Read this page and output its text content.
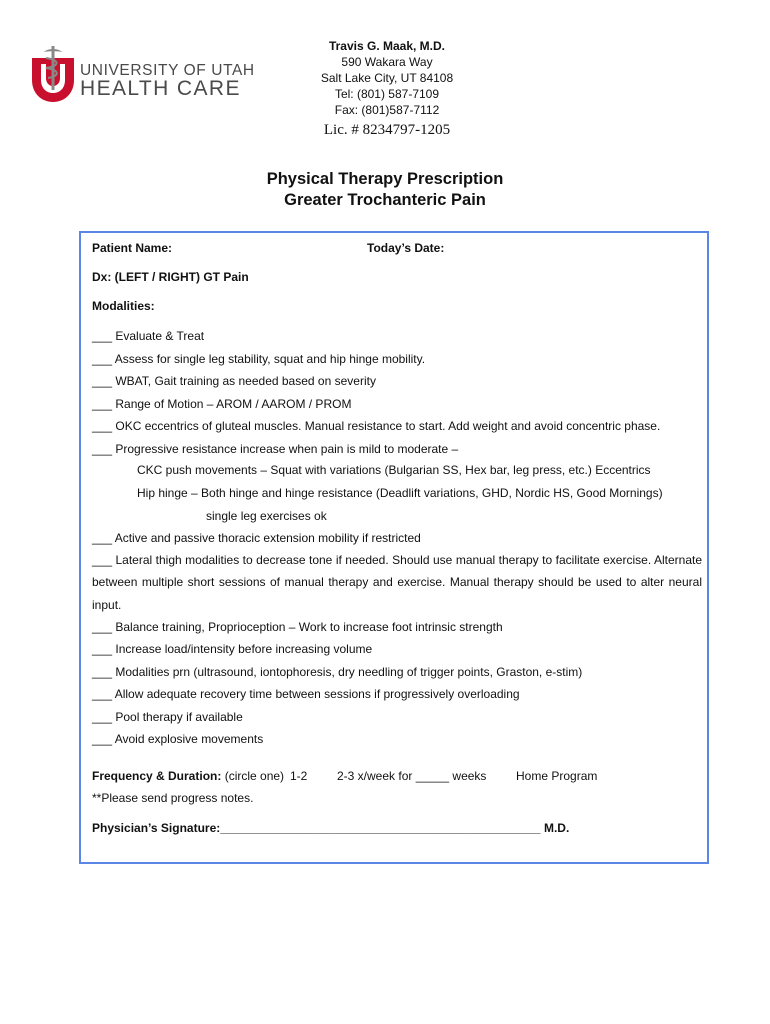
UNIVERSITY OF UTAH
HEALTH CARE
Travis G. Maak, M.D.
590 Wakara Way
Salt Lake City, UT 84108
Tel: (801) 587-7109
Fax: (801)587-7112
Lic. # 8234797-1205
Physical Therapy Prescription
Greater Trochanteric Pain
Patient Name:	Today’s Date:
Dx: (LEFT / RIGHT) GT Pain
Modalities:
___ Evaluate & Treat
___ Assess for single leg stability, squat and hip hinge mobility.
___ WBAT, Gait training as needed based on severity
___ Range of Motion – AROM / AAROM / PROM
___ OKC eccentrics of gluteal muscles. Manual resistance to start. Add weight and avoid concentric phase.
___ Progressive resistance increase when pain is mild to moderate –
CKC push movements – Squat with variations (Bulgarian SS, Hex bar, leg press, etc.) Eccentrics
Hip hinge – Both hinge and hinge resistance (Deadlift variations, GHD, Nordic HS, Good Mornings)
single leg exercises ok
___ Active and passive thoracic extension mobility if restricted
___ Lateral thigh modalities to decrease tone if needed. Should use manual therapy to facilitate exercise. Alternate between multiple short sessions of manual therapy and exercise. Manual therapy should be used to alter neural input.
___ Balance training, Proprioception – Work to increase foot intrinsic strength
___ Increase load/intensity before increasing volume
___ Modalities prn (ultrasound, iontophoresis, dry needling of trigger points, Graston, e-stim)
___ Allow adequate recovery time between sessions if progressively overloading
___ Pool therapy if available
___ Avoid explosive movements
Frequency & Duration: (circle one) 1-2 2-3 x/week for _____ weeks Home Program
**Please send progress notes.
Physician’s Signature:________________________________________________ M.D.
